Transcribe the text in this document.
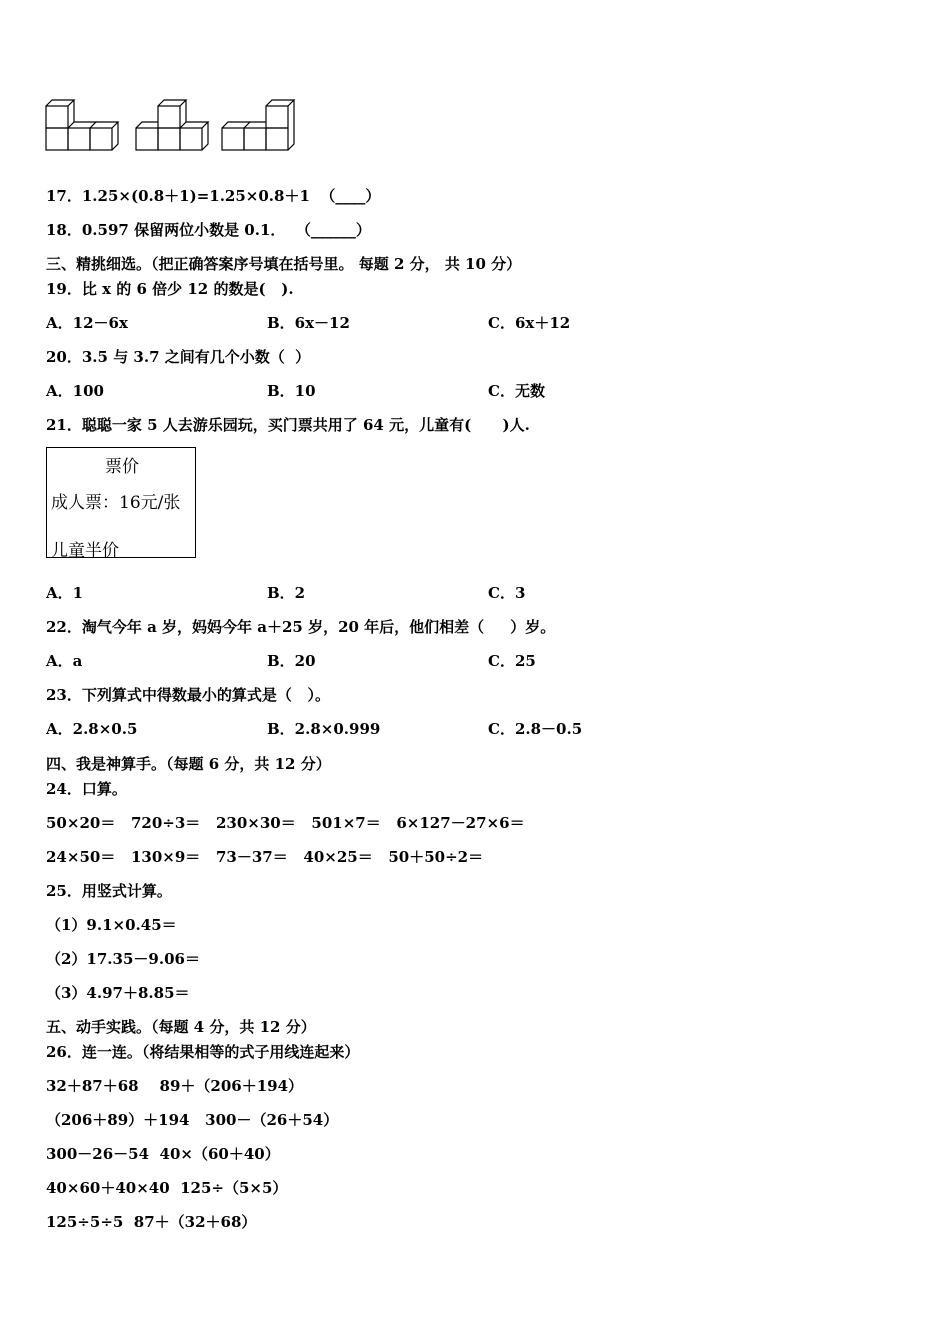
17．1.25×(0.8＋1)=1.25×0.8＋1  （____）
18．0.597 保留两位小数是 0.1．  （______）
三、精挑细选。（把正确答案序号填在括号里。 每题 2 分， 共 10 分）
19．比 x 的 6 倍少 12 的数是(   ).
A．12－6x	B．6x－12	C．6x＋12
20．3.5 与 3.7 之间有几个小数（  ）
A．100	B．10	C．无数
21．聪聪一家 5 人去游乐园玩，买门票共用了 64 元，儿童有(      )人.
票价
成人票：16元/张
儿童半价
A．1	B．2	C．3
22．淘气今年 a 岁，妈妈今年 a＋25 岁，20 年后，他们相差（     ）岁。
A．a	B．20	C．25
23．下列算式中得数最小的算式是（   ）。
A．2.8×0.5	B．2.8×0.999	C．2.8－0.5
四、我是神算手。（每题 6 分，共 12 分）
24．口算。
50×20＝   720÷3＝   230×30＝   501×7＝   6×127－27×6＝
24×50＝   130×9＝   73－37＝   40×25＝   50＋50÷2＝
25．用竖式计算。
（1）9.1×0.45＝
（2）17.35－9.06＝
（3）4.97＋8.85＝
五、动手实践。（每题 4 分，共 12 分）
26．连一连。（将结果相等的式子用线连起来）
32＋87＋68    89＋（206＋194）
（206＋89）＋194   300－（26＋54）
300－26－54  40×（60＋40）
40×60＋40×40  125÷（5×5）
125÷5÷5  87＋（32＋68）
